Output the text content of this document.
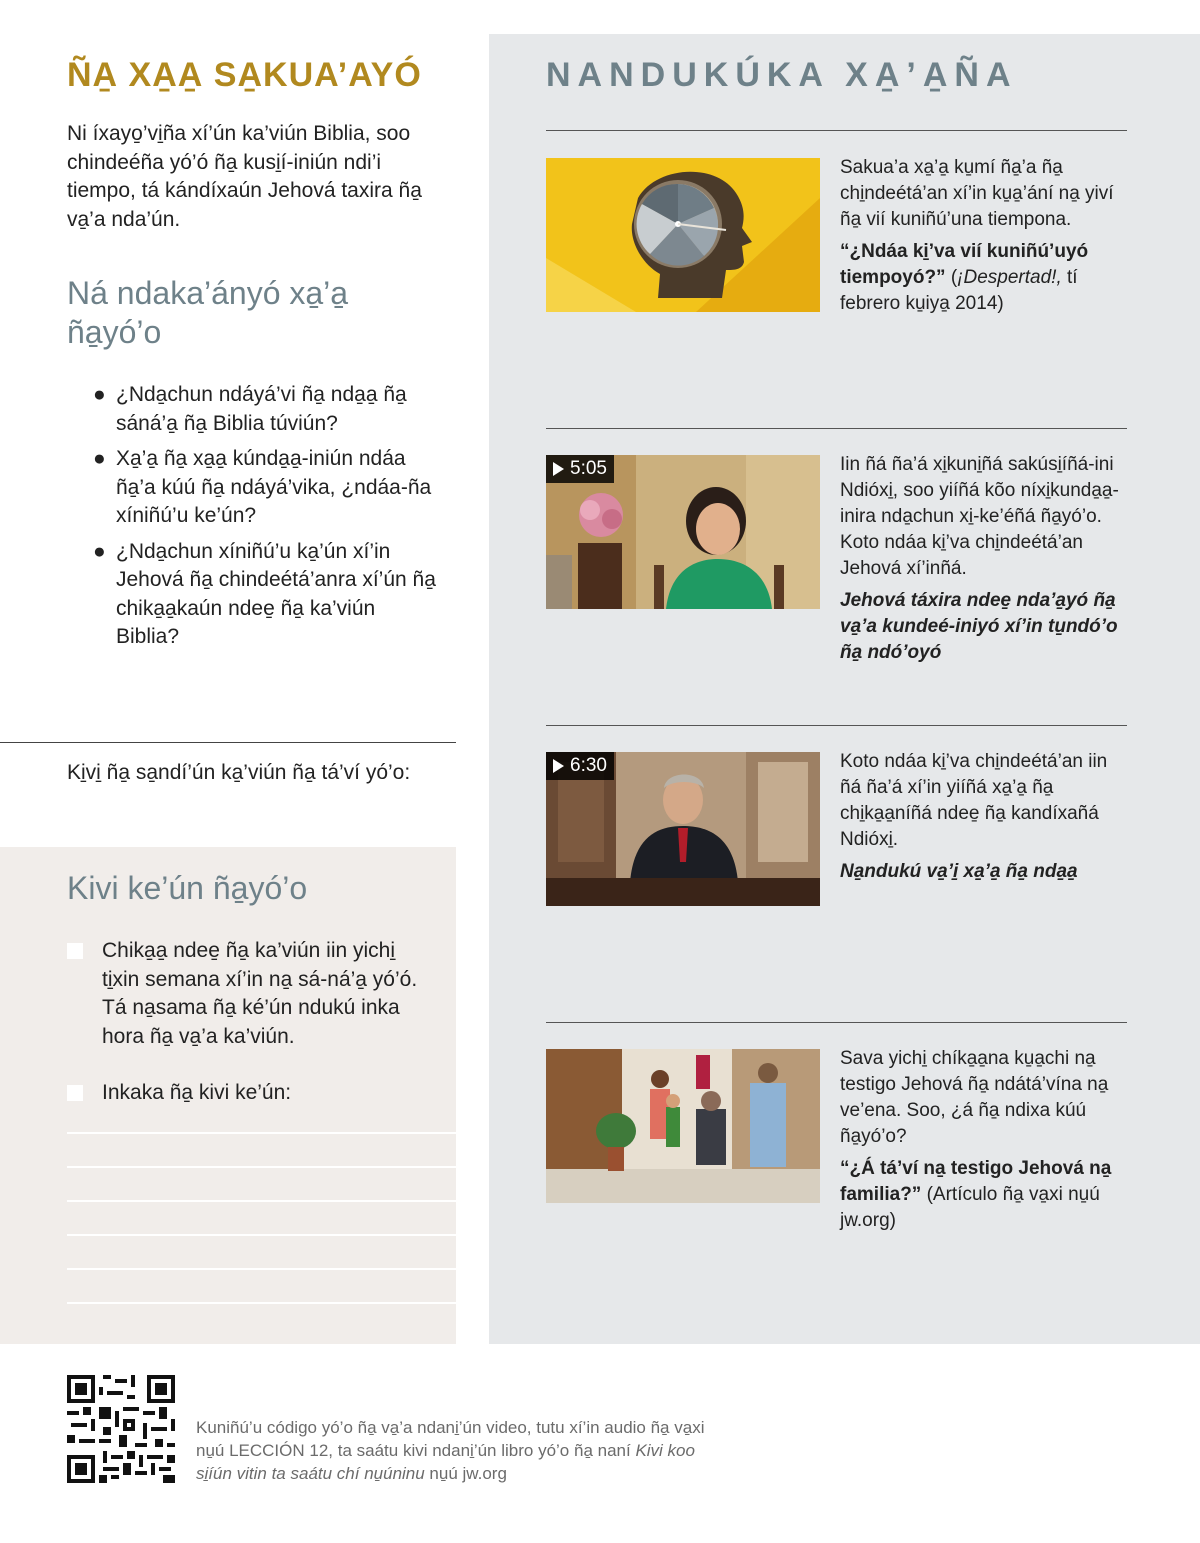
ÑA̱ XA̱A̱ SA̱KUA’AYÓ
Ni íxayo̱’vi̱ña xí’ún ka’viún Biblia, soo chindeéña yó’ó ña̱ kusi̱í-iniún ndi’i tiempo, tá kándíxaún Jehová taxira ña̱ va̱’a nda’ún.
Ná ndaka’ányó xa̱’a̱ ña̱yó’o
● ¿Nda̱chun ndáyá’vi ña̱ nda̱a̱ ña̱ sáná’a̱ ña̱ Biblia túviún?
● Xa̱’a̱ ña̱ xa̱a̱ kúnda̱a̱-iniún ndáa ña̱’a kúú ña̱ ndáyá’vika, ¿ndáa-ña xíniñú’u ke’ún?
● ¿Nda̱chun xíniñú’u ka̱’ún xí’in Jehová ña̱ chindeétá’anra xí’ún ña̱ chika̱a̱kaún ndee̱ ña̱ ka’viún Biblia?
Ki̱vi̱ ña̱ sa̱ndí’ún ka̱’viún ña̱ tá’ví yó’o:
Kivi ke’ún ña̱yó’o
Chika̱a̱ ndee̱ ña̱ ka’viún iin yichi̱ ti̱xin semana xí’in na̱ sá-ná’a̱ yó’ó. Tá na̱sama ña̱ ké’ún ndukú inka hora ña̱ va̱’a ka’viún.
Inkaka ña̱ kivi ke’ún:
NANDUKÚKA XA̱’A̱ÑA
Sakua’a xa̱’a̱ ku̱mí ña̱’a ña̱ chi̱ndeétá’an xí’in ku̱a̱’ání na̱ yiví ña̱ vií kuniñú’una tiempona.
“¿Ndáa ki̱’va vií kuniñú’uyó tiempoyó?” (¡Despertad!, tí febrero ku̱iya̱ 2014)
5:05	Iin ñá ña’á xi̱kuni̱ñá sakúsi̱íñá-ini Ndióxi̱, soo yiíñá kõo níxi̱kunda̱a̱-inira nda̱chun xi̱-ke’éñá ña̱yó’o. Koto ndáa ki̱’va chi̱ndeétá’an Jehová xí’inñá.
Jehová táxira ndee̱ nda’a̱yó ña̱ va̱’a kundeé-iniyó xí’in tu̱ndó’o ña̱ ndó’oyó
6:30	Koto ndáa ki̱’va chi̱ndeétá’an iin ñá ña’á xí’in yiíñá xa̱’a̱ ña̱ chi̱ka̱a̱níñá ndee̱ ña̱ kandíxañá Ndióxi̱.
Na̱ndukú va̱’i̱ xa̱’a̱ ña̱ nda̱a̱
Sava yichi̱ chíka̱a̱na ku̱a̱chi na̱ testigo Jehová ña̱ ndátá’vína na̱ ve’ena. Soo, ¿á ña̱ ndixa kúú ña̱yó’o?
“¿Á tá’ví na̱ testigo Jehová na̱ familia?” (Artículo ña̱ va̱xi nu̱ú jw.org)
Kuniñú’u código yó’o ña̱ va̱’a ndani̱’ún video, tutu xí’in audio ña̱ va̱xi nu̱ú LECCIÓN 12, ta saátu kivi ndani̱’ún libro yó’o ña̱ naní Kivi koo si̱íún vitin ta saátu chí nu̱úninu nu̱ú jw.org
